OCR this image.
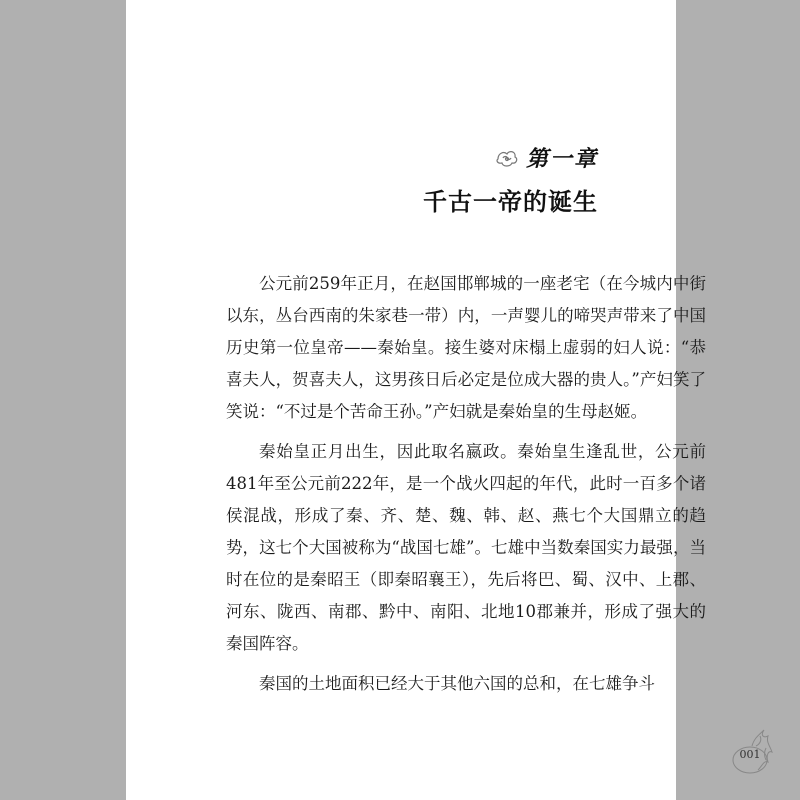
第一章
千古一帝的诞生

公元前259年正月，在赵国邯郸城的一座老宅（在今城内中街以东，丛台西南的朱家巷一带）内，一声婴儿的啼哭声带来了中国历史第一位皇帝——秦始皇。接生婆对床榻上虚弱的妇人说：“恭喜夫人，贺喜夫人，这男孩日后必定是位成大器的贵人。”产妇笑了笑说：“不过是个苦命王孙。”产妇就是秦始皇的生母赵姬。

秦始皇正月出生，因此取名嬴政。秦始皇生逢乱世，公元前481年至公元前222年，是一个战火四起的年代，此时一百多个诸侯混战，形成了秦、齐、楚、魏、韩、赵、燕七个大国鼎立的趋势，这七个大国被称为“战国七雄”。七雄中当数秦国实力最强，当时在位的是秦昭王（即秦昭襄王），先后将巴、蜀、汉中、上郡、河东、陇西、南郡、黔中、南阳、北地10郡兼并，形成了强大的秦国阵容。

秦国的土地面积已经大于其他六国的总和，在七雄争斗

001
